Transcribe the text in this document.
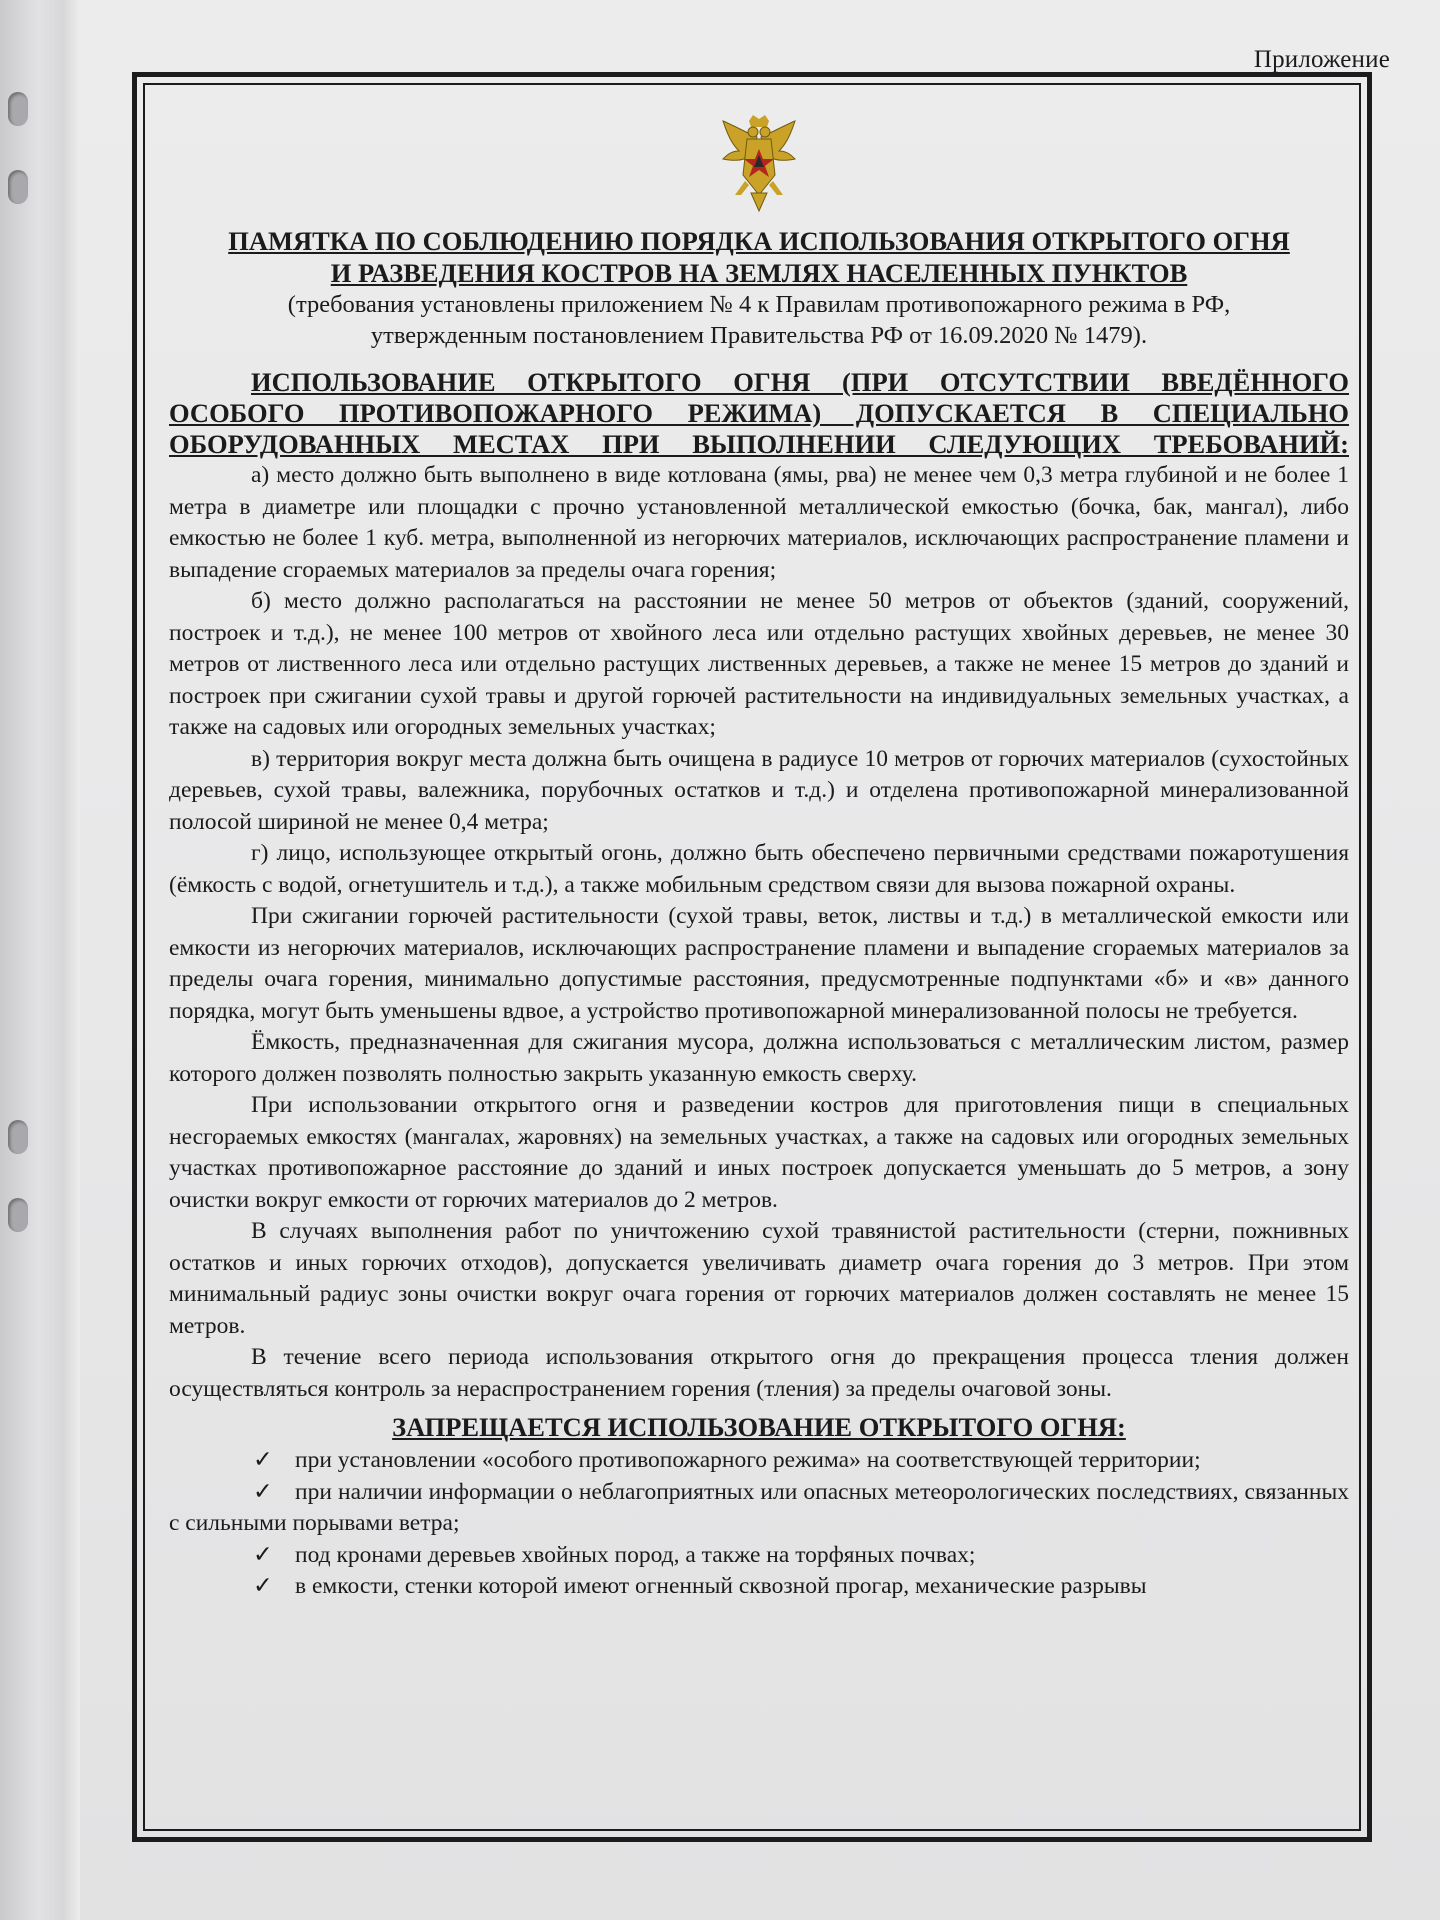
Приложение

ПАМЯТКА ПО СОБЛЮДЕНИЮ ПОРЯДКА ИСПОЛЬЗОВАНИЯ ОТКРЫТОГО ОГНЯ

И РАЗВЕДЕНИЯ КОСТРОВ НА ЗЕМЛЯХ НАСЕЛЕННЫХ ПУНКТОВ

(требования установлены приложением № 4 к Правилам противопожарного режима в РФ,

утвержденным постановлением Правительства РФ от 16.09.2020 № 1479).

ИСПОЛЬЗОВАНИЕ ОТКРЫТОГО ОГНЯ (ПРИ ОТСУТСТВИИ ВВЕДЁННОГО
ОСОБОГО ПРОТИВОПОЖАРНОГО РЕЖИМА) ДОПУСКАЕТСЯ В СПЕЦИАЛЬНО
ОБОРУДОВАННЫХ МЕСТАХ ПРИ ВЫПОЛНЕНИИ СЛЕДУЮЩИХ ТРЕБОВАНИЙ:

а) место должно быть выполнено в виде котлована (ямы, рва) не менее чем 0,3 метра глубиной и не более 1 метра в диаметре или площадки с прочно установленной металлической емкостью (бочка, бак, мангал), либо емкостью не более 1 куб. метра, выполненной из негорючих материалов, исключающих распространение пламени и выпадение сгораемых материалов за пределы очага горения;

б) место должно располагаться на расстоянии не менее 50 метров от объектов (зданий, сооружений, построек и т.д.), не менее 100 метров от хвойного леса или отдельно растущих хвойных деревьев, не менее 30 метров от лиственного леса или отдельно растущих лиственных деревьев, а также не менее 15 метров до зданий и построек при сжигании сухой травы и другой горючей растительности на индивидуальных земельных участках, а также на садовых или огородных земельных участках;

в) территория вокруг места должна быть очищена в радиусе 10 метров от горючих материалов (сухостойных деревьев, сухой травы, валежника, порубочных остатков и т.д.) и отделена противопожарной минерализованной полосой шириной не менее 0,4 метра;

г) лицо, использующее открытый огонь, должно быть обеспечено первичными средствами пожаротушения (ёмкость с водой, огнетушитель и т.д.), а также мобильным средством связи для вызова пожарной охраны.

При сжигании горючей растительности (сухой травы, веток, листвы и т.д.) в металлической емкости или емкости из негорючих материалов, исключающих распространение пламени и выпадение сгораемых материалов за пределы очага горения, минимально допустимые расстояния, предусмотренные подпунктами «б» и «в» данного порядка, могут быть уменьшены вдвое, а устройство противопожарной минерализованной полосы не требуется.

Ёмкость, предназначенная для сжигания мусора, должна использоваться с металлическим листом, размер которого должен позволять полностью закрыть указанную емкость сверху.

При использовании открытого огня и разведении костров для приготовления пищи в специальных несгораемых емкостях (мангалах, жаровнях) на земельных участках, а также на садовых или огородных земельных участках противопожарное расстояние до зданий и иных построек допускается уменьшать до 5 метров, а зону очистки вокруг емкости от горючих материалов до 2 метров.

В случаях выполнения работ по уничтожению сухой травянистой растительности (стерни, пожнивных остатков и иных горючих отходов), допускается увеличивать диаметр очага горения до 3 метров. При этом минимальный радиус зоны очистки вокруг очага горения от горючих материалов должен составлять не менее 15 метров.

В течение всего периода использования открытого огня до прекращения процесса тления должен осуществляться контроль за нераспространением горения (тления) за пределы очаговой зоны.

ЗАПРЕЩАЕТСЯ ИСПОЛЬЗОВАНИЕ ОТКРЫТОГО ОГНЯ:

✓ при установлении «особого противопожарного режима» на соответствующей территории;

✓ при наличии информации о неблагоприятных или опасных метеорологических последствиях, связанных с сильными порывами ветра;

✓ под кронами деревьев хвойных пород, а также на торфяных почвах;

✓ в емкости, стенки которой имеют огненный сквозной прогар, механические разрывы
